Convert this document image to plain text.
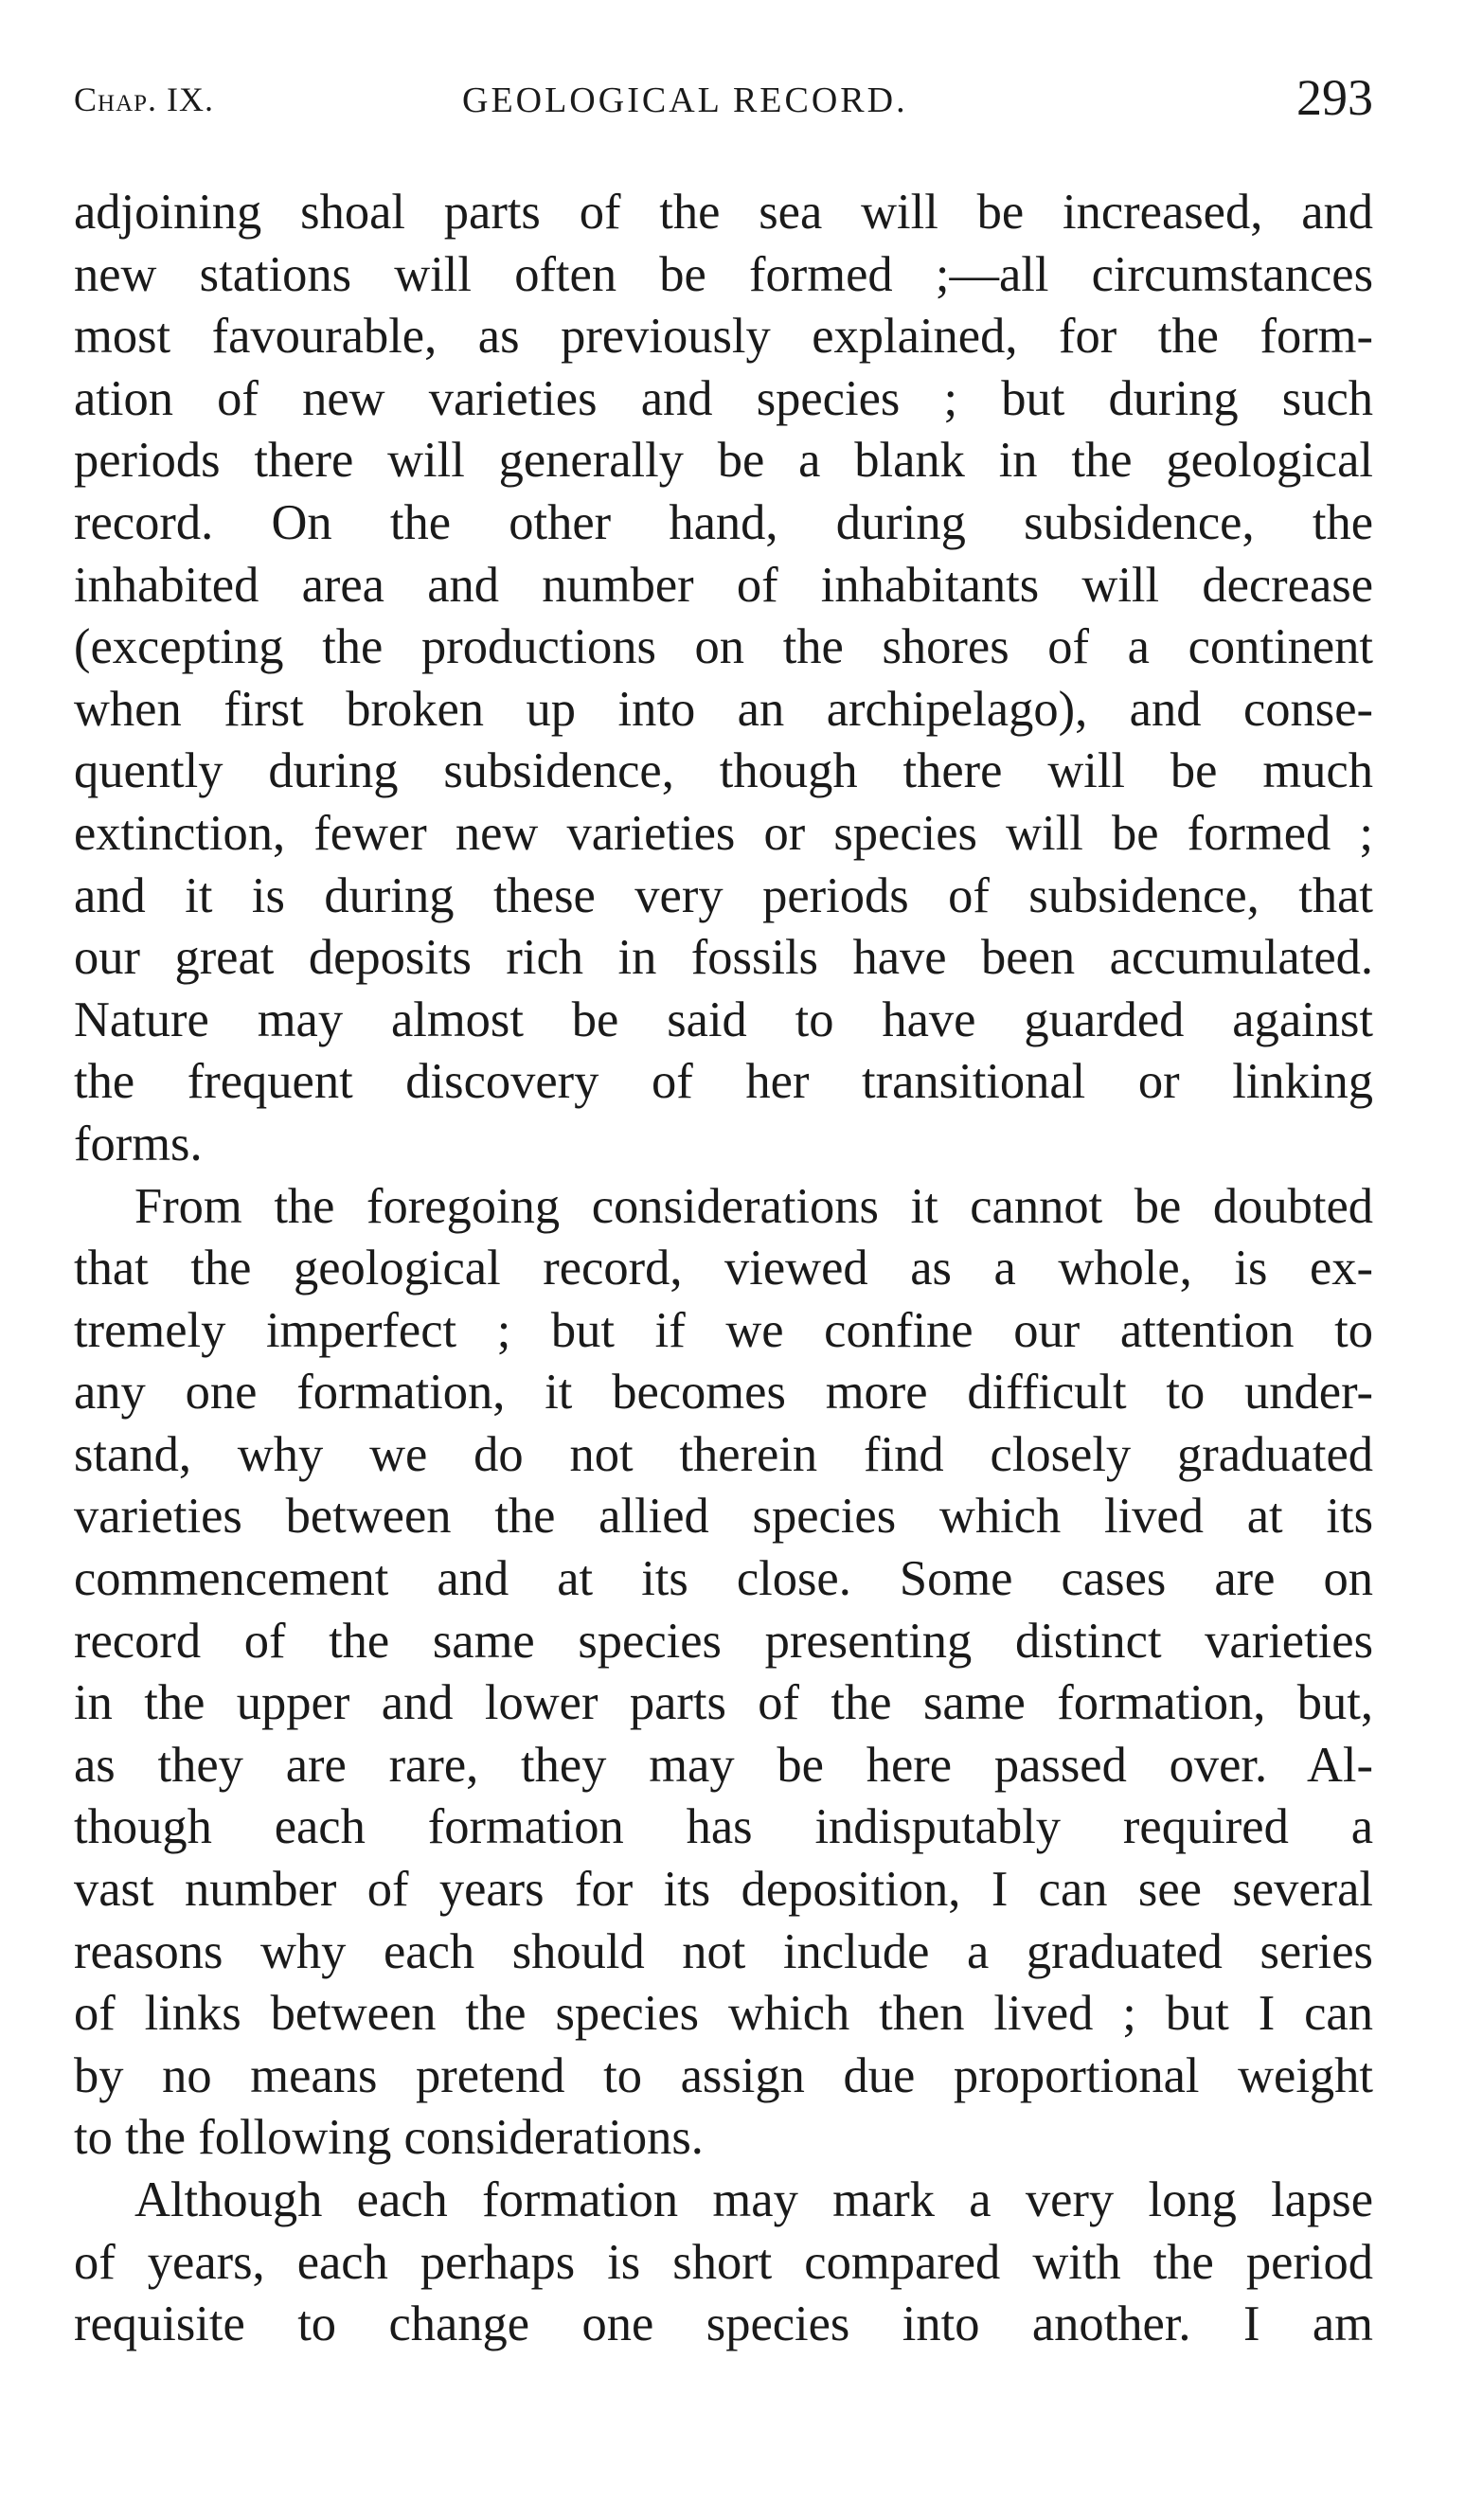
Chap. IX.	GEOLOGICAL RECORD.	293
adjoining shoal parts of the sea will be increased, and
new stations will often be formed ;—all circumstances
most favourable, as previously explained, for the form-
ation of new varieties and species ; but during such
periods there will generally be a blank in the geological
record. On the other hand, during subsidence, the
inhabited area and number of inhabitants will decrease
(excepting the productions on the shores of a continent
when first broken up into an archipelago), and conse-
quently during subsidence, though there will be much
extinction, fewer new varieties or species will be formed ;
and it is during these very periods of subsidence, that
our great deposits rich in fossils have been accumulated.
Nature may almost be said to have guarded against
the frequent discovery of her transitional or linking
forms.
From the foregoing considerations it cannot be doubted
that the geological record, viewed as a whole, is ex-
tremely imperfect ; but if we confine our attention to
any one formation, it becomes more difficult to under-
stand, why we do not therein find closely graduated
varieties between the allied species which lived at its
commencement and at its close. Some cases are on
record of the same species presenting distinct varieties
in the upper and lower parts of the same formation, but,
as they are rare, they may be here passed over. Al-
though each formation has indisputably required a
vast number of years for its deposition, I can see several
reasons why each should not include a graduated series
of links between the species which then lived ; but I can
by no means pretend to assign due proportional weight
to the following considerations.
Although each formation may mark a very long lapse
of years, each perhaps is short compared with the period
requisite to change one species into another. I am
